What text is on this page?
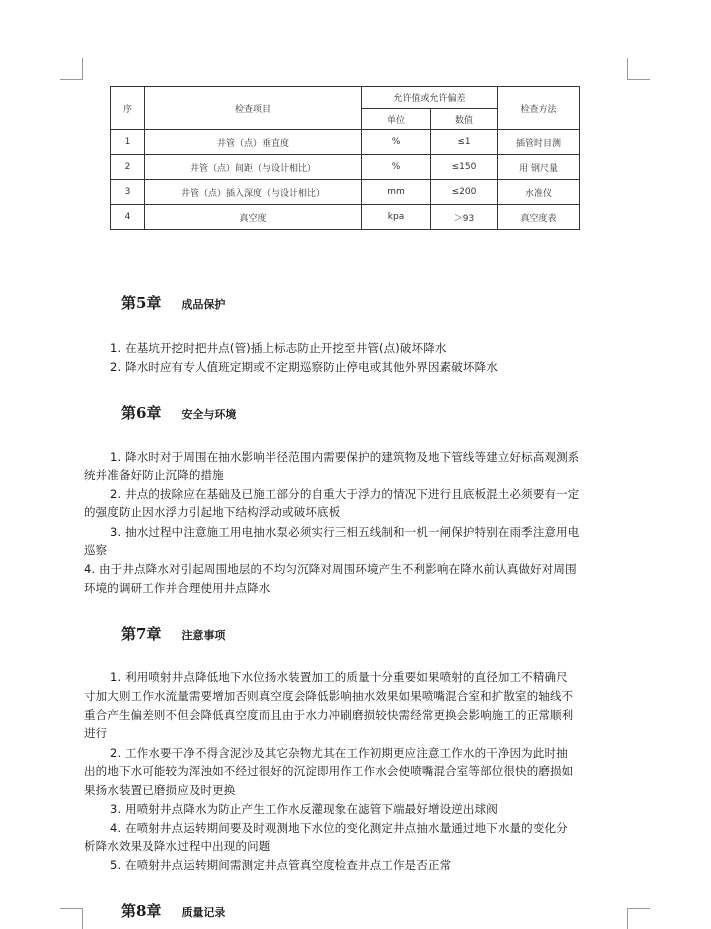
序	检查项目	允许值或允许偏差		检查方法
		单位	数值	
1	井管（点）垂直度	%	≤1	插管时目测
2	井管（点）间距（与设计相比）	%	≤150	用 钢尺量
3	井管（点）插入深度（与设计相比）	mm	≤200	水准仪
4	真空度	kpa	＞93	真空度表
第5章 成品保护
1. 在基坑开挖时把井点(管)插上标志防止开挖至井管(点)破坏降水
2. 降水时应有专人值班定期或不定期巡察防止停电或其他外界因素破坏降水
第6章 安全与环境
1. 降水时对于周围在抽水影响半径范围内需要保护的建筑物及地下管线等建立好标高观测系
统并准备好防止沉降的措施
2. 井点的拔除应在基础及已施工部分的自重大于浮力的情况下进行且底板混土必须要有一定
的强度防止因水浮力引起地下结构浮动或破坏底板
3. 抽水过程中注意施工用电抽水泵必须实行三相五线制和一机一闸保护特别在雨季注意用电
巡察
4. 由于井点降水对引起周围地层的不均匀沉降对周围环境产生不利影响在降水前认真做好对周围
环境的调研工作并合理使用井点降水
第7章 注意事项
1. 利用喷射井点降低地下水位扬水装置加工的质量十分重要如果喷射的直径加工不精确尺
寸加大则工作水流量需要增加否则真空度会降低影响抽水效果如果喷嘴混合室和扩散室的轴线不
重合产生偏差则不但会降低真空度而且由于水力冲刷磨损较快需经常更换会影响施工的正常顺利
进行
2. 工作水要干净不得含泥沙及其它杂物尤其在工作初期更应注意工作水的干净因为此时抽
出的地下水可能较为浑浊如不经过很好的沉淀即用作工作水会使喷嘴混合室等部位很快的磨损如
果扬水装置已磨损应及时更换
3. 用喷射井点降水为防止产生工作水反灌现象在滤管下端最好增设逆出球阀
4. 在喷射井点运转期间要及时观测地下水位的变化测定井点抽水量通过地下水量的变化分
析降水效果及降水过程中出现的问题
5. 在喷射井点运转期间需测定井点管真空度检查井点工作是否正常
第8章 质量记录
